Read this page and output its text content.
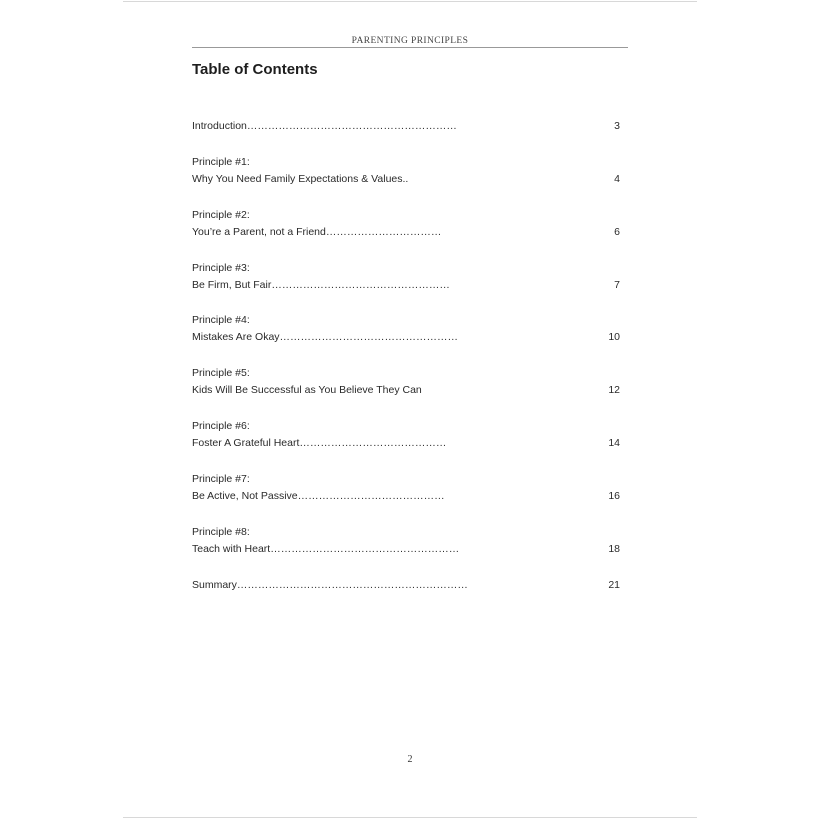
PARENTING PRINCIPLES
Table of Contents
Introduction……………………………………………………	3
Principle #1:
Why You Need Family Expectations & Values..	4
Principle #2:
You’re a Parent, not a Friend……………………………	6
Principle #3:
Be Firm, But Fair……………………………………………	7
Principle #4:
Mistakes Are Okay……………………………………………	10
Principle #5:
Kids Will Be Successful as You Believe They Can	12
Principle #6:
Foster A Grateful Heart……………………………………	14
Principle #7:
Be Active, Not Passive……………………………………	16
Principle #8:
Teach with Heart………………………………………………	18
Summary…………………………………………………………	21
2
